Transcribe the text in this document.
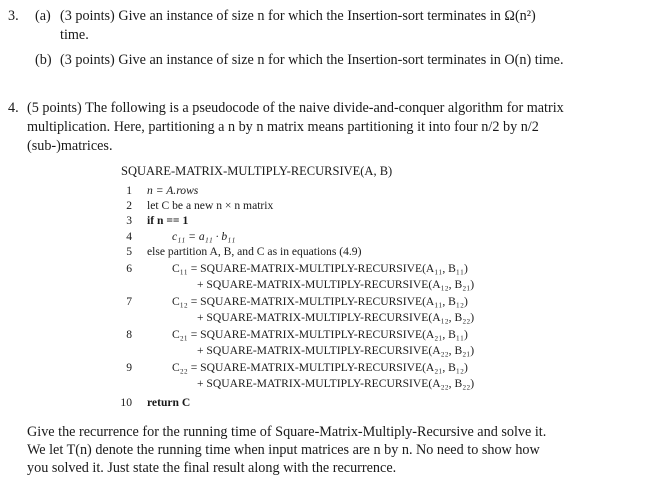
3. (a) (3 points) Give an instance of size n for which the Insertion-sort terminates in Ω(n²)
time.
(b) (3 points) Give an instance of size n for which the Insertion-sort terminates in O(n) time.
4. (5 points) The following is a pseudocode of the naive divide-and-conquer algorithm for matrix
multiplication. Here, partitioning a n by n matrix means partitioning it into four n/2 by n/2
(sub-)matrices.
SQUARE-MATRIX-MULTIPLY-RECURSIVE(A, B)
1 n = A.rows
2 let C be a new n × n matrix
3 if n == 1
4	c₁₁ = a₁₁ · b₁₁
5 else partition A, B, and C as in equations (4.9)
6	C₁₁ = SQUARE-MATRIX-MULTIPLY-RECURSIVE(A₁₁, B₁₁)
+ SQUARE-MATRIX-MULTIPLY-RECURSIVE(A₁₂, B₂₁)
7	C₁₂ = SQUARE-MATRIX-MULTIPLY-RECURSIVE(A₁₁, B₁₂)
+ SQUARE-MATRIX-MULTIPLY-RECURSIVE(A₁₂, B₂₂)
8	C₂₁ = SQUARE-MATRIX-MULTIPLY-RECURSIVE(A₂₁, B₁₁)
+ SQUARE-MATRIX-MULTIPLY-RECURSIVE(A₂₂, B₂₁)
9	C₂₂ = SQUARE-MATRIX-MULTIPLY-RECURSIVE(A₂₁, B₁₂)
+ SQUARE-MATRIX-MULTIPLY-RECURSIVE(A₂₂, B₂₂)
10 return C
Give the recurrence for the running time of Square-Matrix-Multiply-Recursive and solve it.
We let T(n) denote the running time when input matrices are n by n. No need to show how
you solved it. Just state the final result along with the recurrence.
